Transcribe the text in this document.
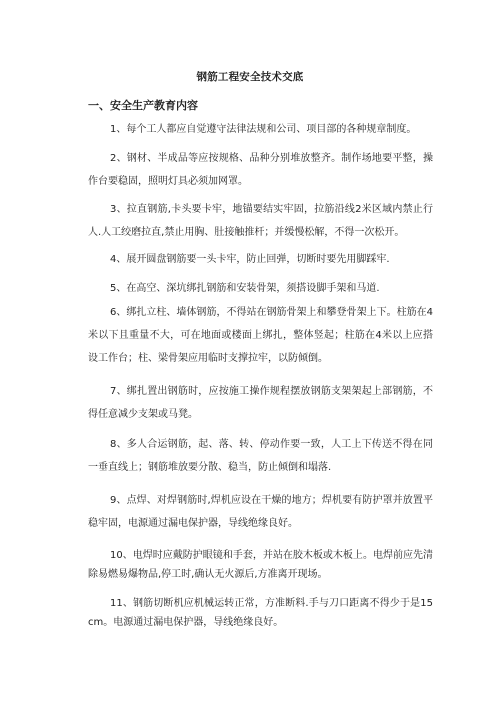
钢筋工程安全技术交底
一、安全生产教育内容

1、每个工人都应自觉遵守法律法规和公司、项目部的各种规章制度。

2、钢材、半成品等应按规格、品种分别堆放整齐。制作场地要平整，操作台要稳固，照明灯具必须加网罩。

3、拉直钢筋,卡头要卡牢，地锚要结实牢固，拉筋沿线2米区域内禁止行人.人工绞磨拉直,禁止用胸、肚接触推杆；并缓慢松解，不得一次松开。

4、展开圆盘钢筋要一头卡牢，防止回弹，切断时要先用脚踩牢.

5、在高空、深坑绑扎钢筋和安装骨架，须搭设脚手架和马道.

6、绑扎立柱、墙体钢筋，不得站在钢筋骨架上和攀登骨架上下。柱筋在4米以下且重量不大，可在地面或楼面上绑扎，整体竖起；柱筋在4米以上应搭设工作台；柱、梁骨架应用临时支撑拉牢，以防倾倒。

7、绑扎置出钢筋时，应按施工操作规程摆放钢筋支架架起上部钢筋，不得任意减少支架或马凳。

8、多人合运钢筋，起、落、转、停动作要一致，人工上下传送不得在同一垂直线上；钢筋堆放要分散、稳当，防止倾倒和塌落.

9、点焊、对焊钢筋时,焊机应设在干燥的地方；焊机要有防护罩并放置平稳牢固，电源通过漏电保护器，导线绝缘良好。

10、电焊时应戴防护眼镜和手套，并站在胶木板或木板上。电焊前应先清除易燃易爆物品,停工时,确认无火源后,方准离开现场。

11、钢筋切断机应机械运转正常，方准断料.手与刀口距离不得少于是15cm。电源通过漏电保护器，导线绝缘良好。
